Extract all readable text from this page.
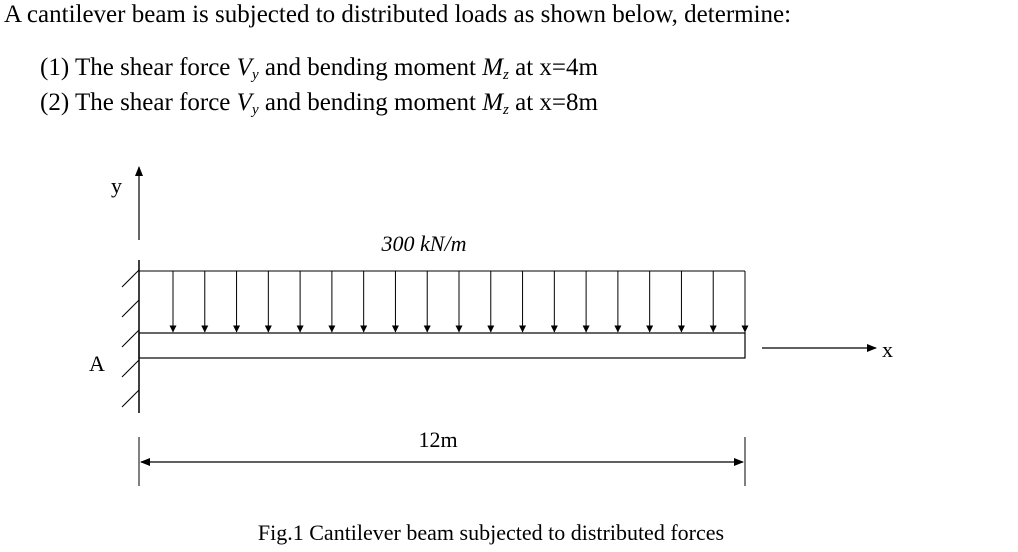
A cantilever beam is subjected to distributed loads as shown below, determine:
(1) The shear force $V_y$ and bending moment $M_z$ at x=4m
(2) The shear force $V_y$ and bending moment $M_z$ at x=8m
y
A
300 kN/m
x
12m
Fig.1 Cantilever beam subjected to distributed forces
